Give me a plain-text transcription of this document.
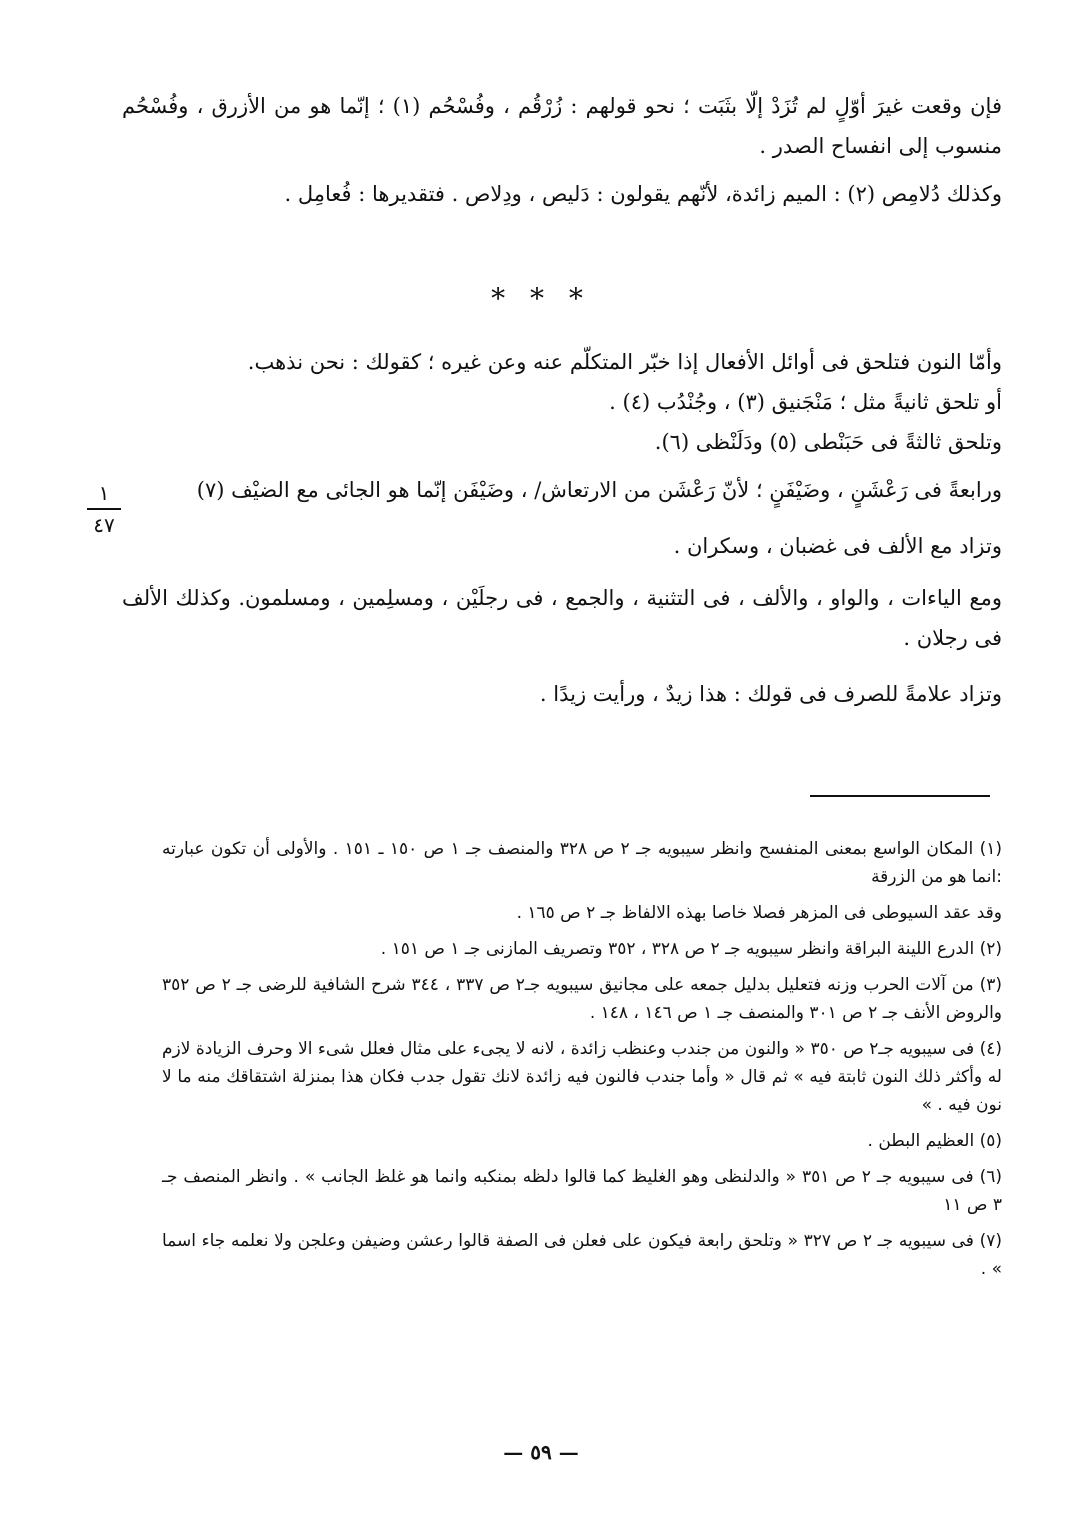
فإن وقعت غيرَ أوّلٍ لم تُزَدْ إلّا بثَبَت ؛ نحو قولهم : زُرْقُم ، وفُسْحُم (١) ؛ إنّما هو من الأزرق ، وفُسْحُم منسوب إلى انفساح الصدر .

وكذلك دُلامِص (٢) : الميم زائدة، لأنّهم يقولون : دَليص ، ودِلاص . فتقديرها : فُعامِل .

* * *

وأمّا النون فتلحق فى أوائل الأفعال إذا خبّر المتكلّم عنه وعن غيره ؛ كقولك : نحن نذهب.

أو تلحق ثانيةً مثل ؛ مَنْجَنيق (٣) ، وجُنْدُب (٤) .

وتلحق ثالثةً فى حَبَنْطى (٥) ودَلَنْظى (٦).

ورابعةً فى رَعْشَنٍ ، وضَيْفَنٍ ؛ لأنّ رَعْشَن من الارتعاش/ ، وضَيْفَن إنّما هو الجائى مع الضيْف (٧)

وتزاد مع الألف فى غضبان ، وسكران .

ومع الياءات ، والواو ، والألف ، فى التثنية ، والجمع ، فى رجلَيْن ، ومسلِمين ، ومسلمون. وكذلك الألف فى رجلان .

وتزاد علامةً للصرف فى قولك : هذا زيدٌ ، ورأيت زيدًا .

١
٤٧

(١) المكان الواسع بمعنى المنفسح وانظر سيبويه جـ ٢ ص ٣٢٨ والمنصف جـ ١ ص ١٥٠ ـ ١٥١ . والأولى أن تكون عبارته :انما هو من الزرقة

وقد عقد السيوطى فى المزهر فصلا خاصا بهذه الالفاظ جـ ٢ ص ١٦٥ .

(٢) الدرع اللينة البراقة وانظر سيبويه جـ ٢ ص ٣٢٨ ، ٣٥٢ وتصريف المازنى جـ ١ ص ١٥١ .

(٣) من آلات الحرب وزنه فتعليل بدليل جمعه على مجانيق سيبويه جـ٢ ص ٣٣٧ ، ٣٤٤ شرح الشافية للرضى جـ ٢ ص ٣٥٢ والروض الأنف جـ ٢ ص ٣٠١ والمنصف جـ ١ ص ١٤٦ ، ١٤٨ .

(٤) فى سيبويه جـ٢ ص ٣٥٠ « والنون من جندب وعنظب زائدة ، لانه لا يجىء على مثال فعلل شىء الا وحرف الزيادة لازم له وأكثر ذلك النون ثابتة فيه » ثم قال « وأما جندب فالنون فيه زائدة لانك تقول جدب فكان هذا بمنزلة اشتقاقك منه ما لا نون فيه . »

(٥) العظيم البطن .

(٦) فى سيبويه جـ ٢ ص ٣٥١ « والدلنظى وهو الغليظ كما قالوا دلظه بمنكبه وانما هو غلظ الجانب » . وانظر المنصف جـ ٣ ص ١١

(٧) فى سيبويه جـ ٢ ص ٣٢٧ « وتلحق رابعة فيكون على فعلن فى الصفة قالوا رعشن وضيفن وعلجن ولا نعلمه جاء اسما » .

— ٥٩ —
